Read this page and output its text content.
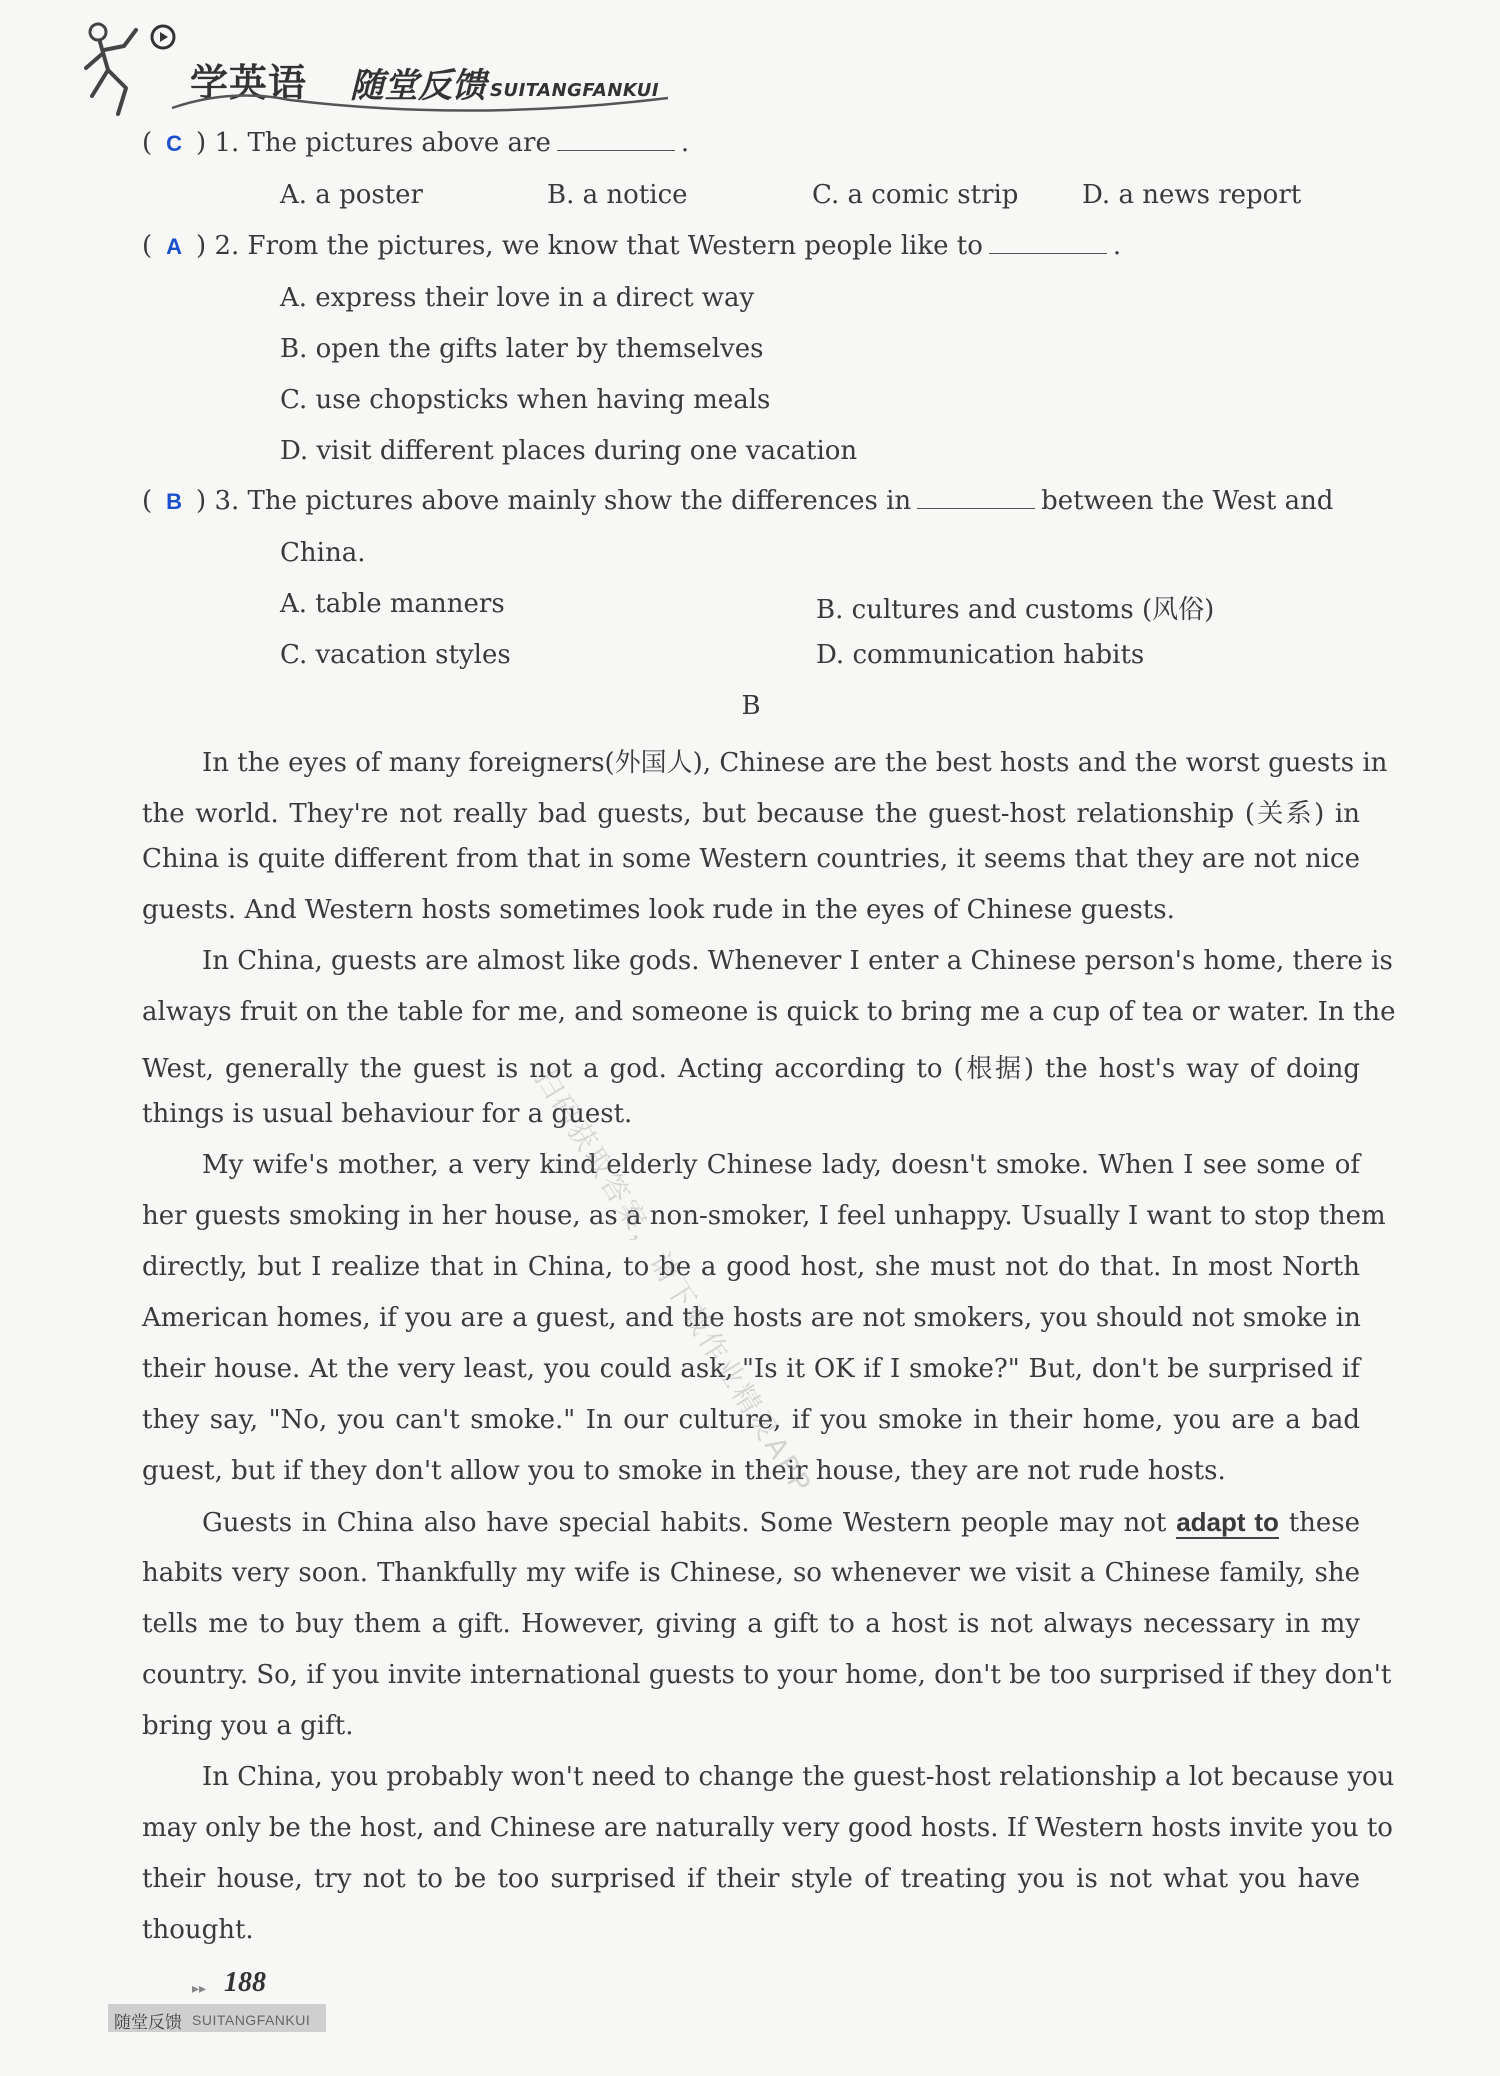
学英语 随堂反馈 SUITANGFANKUI
( C ) 1. The pictures above are	.
A. a poster	B. a notice	C. a comic strip D. a news report
( A ) 2. From the pictures, we know that Western people like to	.
A. express their love in a direct way
B. open the gifts later by themselves
C. use chopsticks when having meals
D. visit different places during one vacation
( B ) 3. The pictures above mainly show the differences in	between the West and
China.
A. table manners	B. cultures and customs (风俗)
C. vacation styles	D. communication habits
B
In the eyes of many foreigners(外国人), Chinese are the best hosts and the worst guests in
the world. They're not really bad guests, but because the guest-host relationship (关系) in
China is quite different from that in some Western countries, it seems that they are not nice
guests. And Western hosts sometimes look rude in the eyes of Chinese guests.
In China, guests are almost like gods. Whenever I enter a Chinese person's home, there is
always fruit on the table for me, and someone is quick to bring me a cup of tea or water. In the
West, generally the guest is not a god. Acting according to (根据) the host's way of doing
things is usual behaviour for a guest.
My wife's mother, a very kind elderly Chinese lady, doesn't smoke. When I see some of
her guests smoking in her house, as a non-smoker, I feel unhappy. Usually I want to stop them
directly, but I realize that in China, to be a good host, she must not do that. In most North
American homes, if you are a guest, and the hosts are not smokers, you should not smoke in
their house. At the very least, you could ask, "Is it OK if I smoke?" But, don't be surprised if
they say, "No, you can't smoke." In our culture, if you smoke in their home, you are a bad
guest, but if they don't allow you to smoke in their house, they are not rude hosts.
Guests in China also have special habits. Some Western people may not adapt to these
habits very soon. Thankfully my wife is Chinese, so whenever we visit a Chinese family, she
tells me to buy them a gift. However, giving a gift to a host is not always necessary in my
country. So, if you invite international guests to your home, don't be too surprised if they don't
bring you a gift.
In China, you probably won't need to change the guest-host relationship a lot because you
may only be the host, and Chinese are naturally very good hosts. If Western hosts invite you to
their house, try not to be too surprised if their style of treating you is not what you have
thought.
扫码获取答案，请下载作业精灵APP
▸▸ 188
随堂反馈 SUITANGFANKUI
